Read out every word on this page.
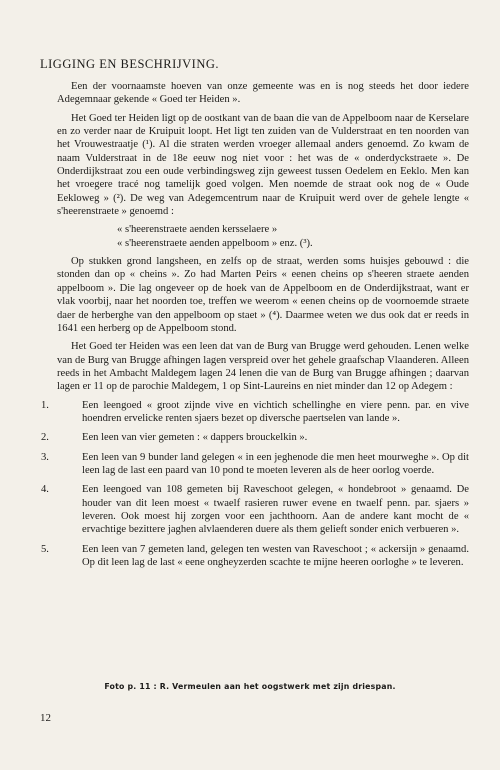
LIGGING EN BESCHRIJVING.

Een der voornaamste hoeven van onze gemeente was en is nog steeds het door iedere Adegemnaar gekende « Goed ter Heiden ».

Het Goed ter Heiden ligt op de oostkant van de baan die van de Appelboom naar de Kerselare en zo verder naar de Kruipuit loopt. Het ligt ten zuiden van de Vulderstraat en ten noorden van het Vrouwestraatje (¹). Al die straten werden vroeger allemaal anders genoemd. Zo kwam de naam Vulderstraat in de 18e eeuw nog niet voor : het was de « onderdyckstraete ». De Onderdijkstraat zou een oude verbindingsweg zijn geweest tussen Oedelem en Eeklo. Men kan het vroegere tracé nog tamelijk goed volgen. Men noemde de straat ook nog de « Oude Eekloweg » (²). De weg van Adegemcentrum naar de Kruipuit werd over de gehele lengte « s'heerenstraete » genoemd :

« s'heerenstraete aenden kersselaere »
« s'heerenstraete aenden appelboom » enz. (³).

Op stukken grond langsheen, en zelfs op de straat, werden soms huisjes gebouwd : die stonden dan op « cheins ». Zo had Marten Peirs « eenen cheins op s'heeren straete aenden appelboom ». Die lag ongeveer op de hoek van de Appelboom en de Onderdijkstraat, want er vlak voorbij, naar het noorden toe, treffen we weerom « eenen cheins op de voornoemde straete daer de herberghe van den appelboom op staet » (⁴). Daarmee weten we dus ook dat er reeds in 1641 een herberg op de Appelboom stond.

Het Goed ter Heiden was een leen dat van de Burg van Brugge werd gehouden. Lenen welke van de Burg van Brugge afhingen lagen verspreid over het gehele graafschap Vlaanderen. Alleen reeds in het Ambacht Maldegem lagen 24 lenen die van de Burg van Brugge afhingen ; daarvan lagen er 11 op de parochie Maldegem, 1 op Sint-Laureins en niet minder dan 12 op Adegem :

1.	Een leengoed « groot zijnde vive en vichtich schellinghe en viere penn. par. en vive hoendren ervelicke renten sjaers bezet op diversche paertselen van lande ».
2.	Een leen van vier gemeten : « dappers brouckelkin ».
3.	Een leen van 9 bunder land gelegen « in een jeghenode die men heet mourweghe ». Op dit leen lag de last een paard van 10 pond te moeten leveren als de heer oorlog voerde.
4.	Een leengoed van 108 gemeten bij Raveschoot gelegen, « hondebroot » genaamd. De houder van dit leen moest « twaelf rasieren ruwer evene en twaelf penn. par. sjaers » leveren. Ook moest hij zorgen voor een jachthoorn. Aan de andere kant mocht de « ervachtige bezittere jaghen alvlaenderen duere als them gelieft sonder enich verbueren ».
5.	Een leen van 7 gemeten land, gelegen ten westen van Raveschoot ; « ackersijn » genaamd. Op dit leen lag de last « eene ongheyzerden scachte te mijne heeren oorloghe » te leveren.
Foto p. 11 : R. Vermeulen aan het oogstwerk met zijn driespan.
12
